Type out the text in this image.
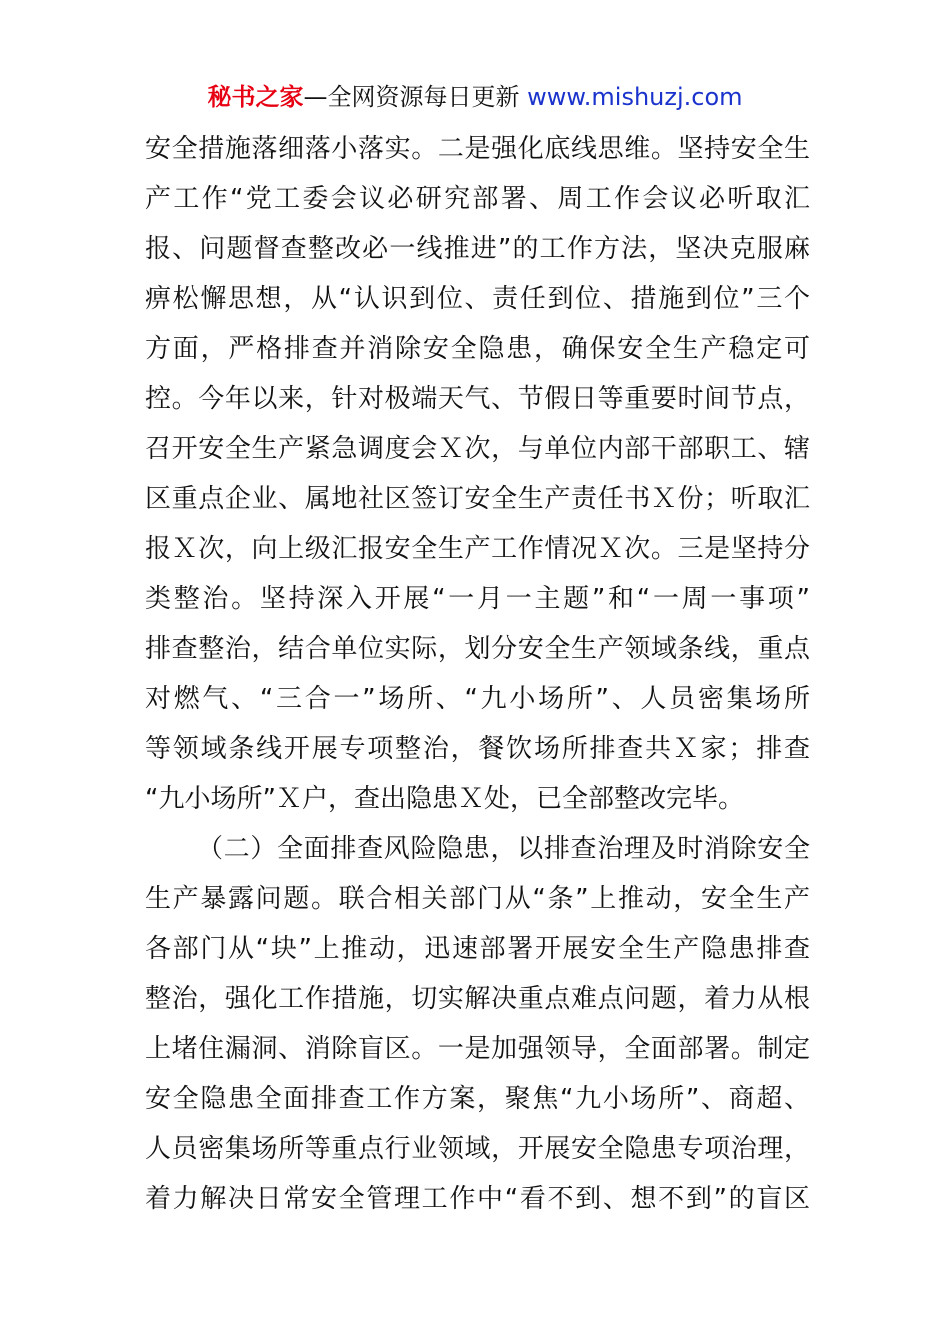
秘书之家—全网资源每日更新 www.mishuzj.com
安全措施落细落小落实。二是强化底线思维。坚持安全生
产工作“党工委会议必研究部署、周工作会议必听取汇
报、问题督查整改必一线推进”的工作方法，坚决克服麻
痹松懈思想，从“认识到位、责任到位、措施到位”三个
方面，严格排查并消除安全隐患，确保安全生产稳定可
控。今年以来，针对极端天气、节假日等重要时间节点，
召开安全生产紧急调度会Ｘ次，与单位内部干部职工、辖
区重点企业、属地社区签订安全生产责任书Ｘ份；听取汇
报Ｘ次，向上级汇报安全生产工作情况Ｘ次。三是坚持分
类整治。坚持深入开展“一月一主题”和“一周一事项”
排查整治，结合单位实际，划分安全生产领域条线，重点
对燃气、“三合一”场所、“九小场所”、人员密集场所
等领域条线开展专项整治，餐饮场所排查共Ｘ家；排查
“九小场所”Ｘ户，查出隐患Ｘ处，已全部整改完毕。
（二）全面排查风险隐患，以排查治理及时消除安全
生产暴露问题。联合相关部门从“条”上推动，安全生产
各部门从“块”上推动，迅速部署开展安全生产隐患排查
整治，强化工作措施，切实解决重点难点问题，着力从根
上堵住漏洞、消除盲区。一是加强领导，全面部署。制定
安全隐患全面排查工作方案，聚焦“九小场所”、商超、
人员密集场所等重点行业领域，开展安全隐患专项治理，
着力解决日常安全管理工作中“看不到、想不到”的盲区
